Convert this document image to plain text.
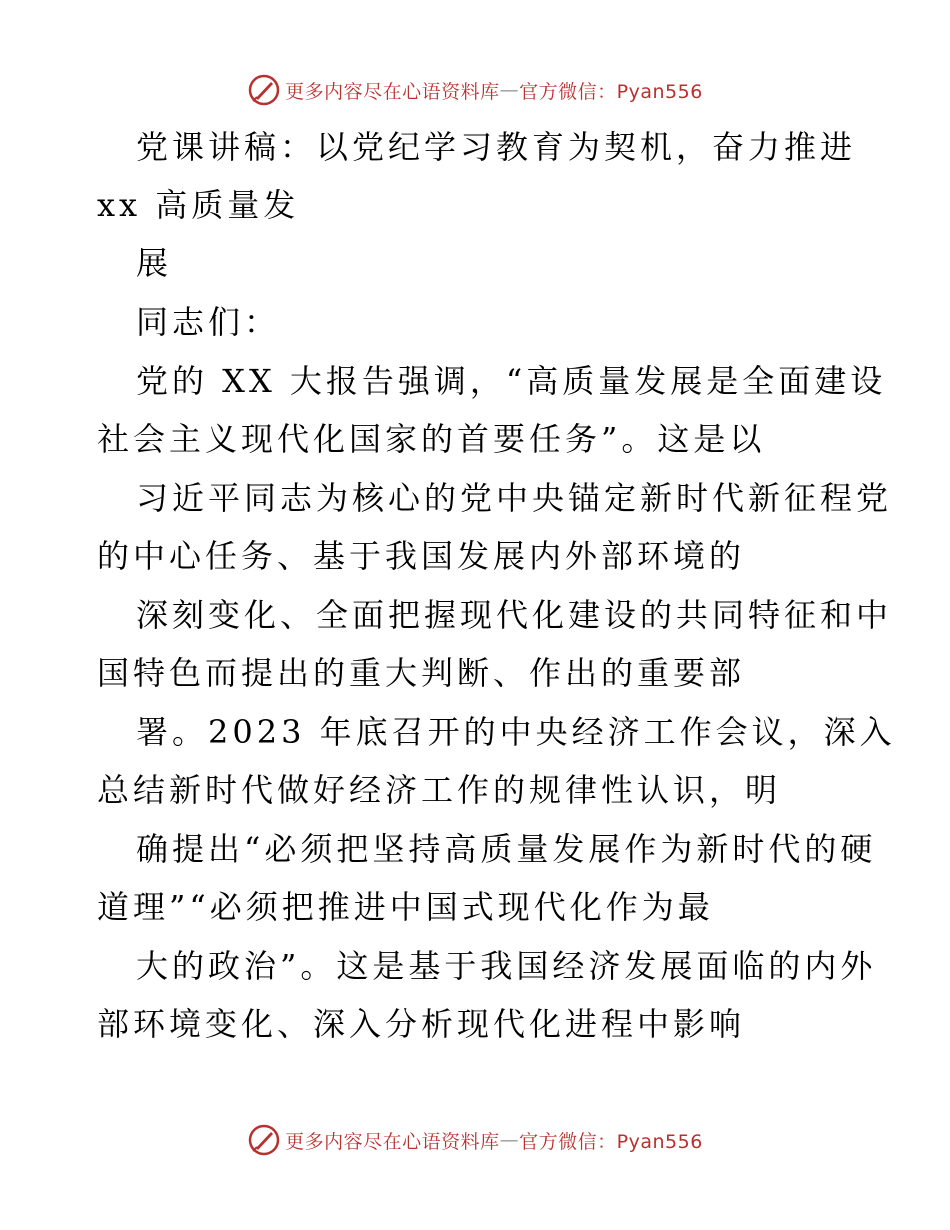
更多内容尽在心语资料库 — 官方微信：Pyan556
党课讲稿：以党纪学习教育为契机，奋力推进
xx 高质量发
展
同志们：
党的 XX 大报告强调，“高质量发展是全面建设
社会主义现代化国家的首要任务”。这是以
习近平同志为核心的党中央锚定新时代新征程党
的中心任务、基于我国发展内外部环境的
深刻变化、全面把握现代化建设的共同特征和中
国特色而提出的重大判断、作出的重要部
署。2023 年底召开的中央经济工作会议，深入
总结新时代做好经济工作的规律性认识，明
确提出“必须把坚持高质量发展作为新时代的硬
道理”“必须把推进中国式现代化作为最
大的政治”。这是基于我国经济发展面临的内外
部环境变化、深入分析现代化进程中影响
更多内容尽在心语资料库 — 官方微信：Pyan556
